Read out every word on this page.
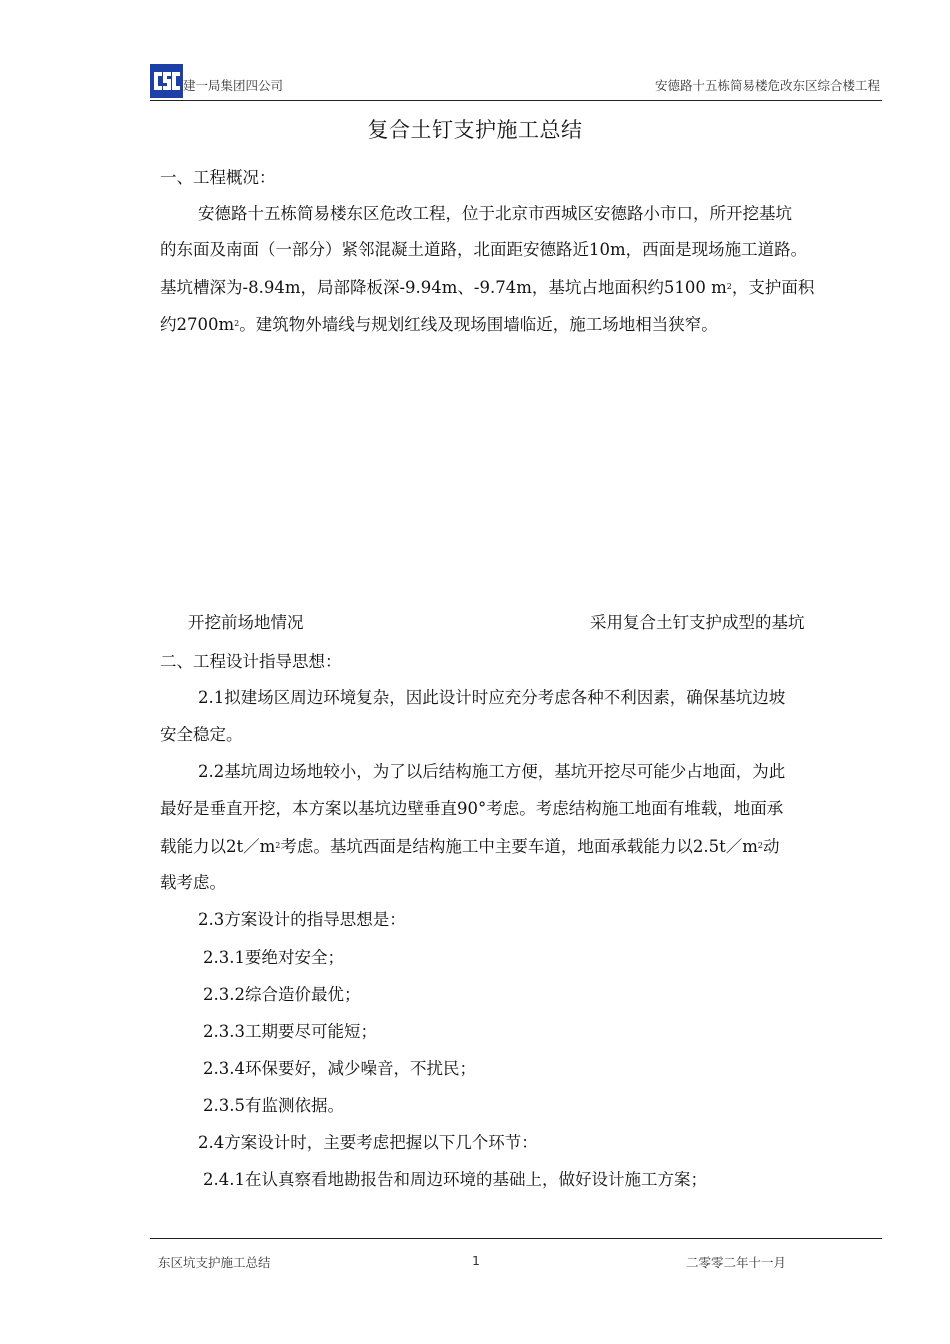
建一局集团四公司	安德路十五栋简易楼危改东区综合楼工程
复合土钉支护施工总结
一、工程概况：
安德路十五栋简易楼东区危改工程，位于北京市西城区安德路小市口，所开挖基坑
的东面及南面（一部分）紧邻混凝土道路，北面距安德路近10m，西面是现场施工道路。
基坑槽深为-8.94m，局部降板深-9.94m、-9.74m，基坑占地面积约5100 $m^2$，支护面积
约$2700m^2$。建筑物外墙线与规划红线及现场围墙临近，施工场地相当狭窄。
开挖前场地情况	采用复合土钉支护成型的基坑
二、工程设计指导思想：
2.1拟建场区周边环境复杂，因此设计时应充分考虑各种不利因素，确保基坑边坡
安全稳定。
2.2基坑周边场地较小，为了以后结构施工方便，基坑开挖尽可能少占地面，为此
最好是垂直开挖，本方案以基坑边壁垂直90°考虑。考虑结构施工地面有堆载，地面承
载能力以$2t/m^2$考虑。基坑西面是结构施工中主要车道，地面承载能力以$2.5t/m^2$动
载考虑。
2.3方案设计的指导思想是：
2.3.1要绝对安全；
2.3.2综合造价最优；
2.3.3工期要尽可能短；
2.3.4环保要好，减少噪音，不扰民；
2.3.5有监测依据。
2.4方案设计时，主要考虑把握以下几个环节：
2.4.1在认真察看地勘报告和周边环境的基础上，做好设计施工方案；
东区坑支护施工总结	1	二零零二年十一月
